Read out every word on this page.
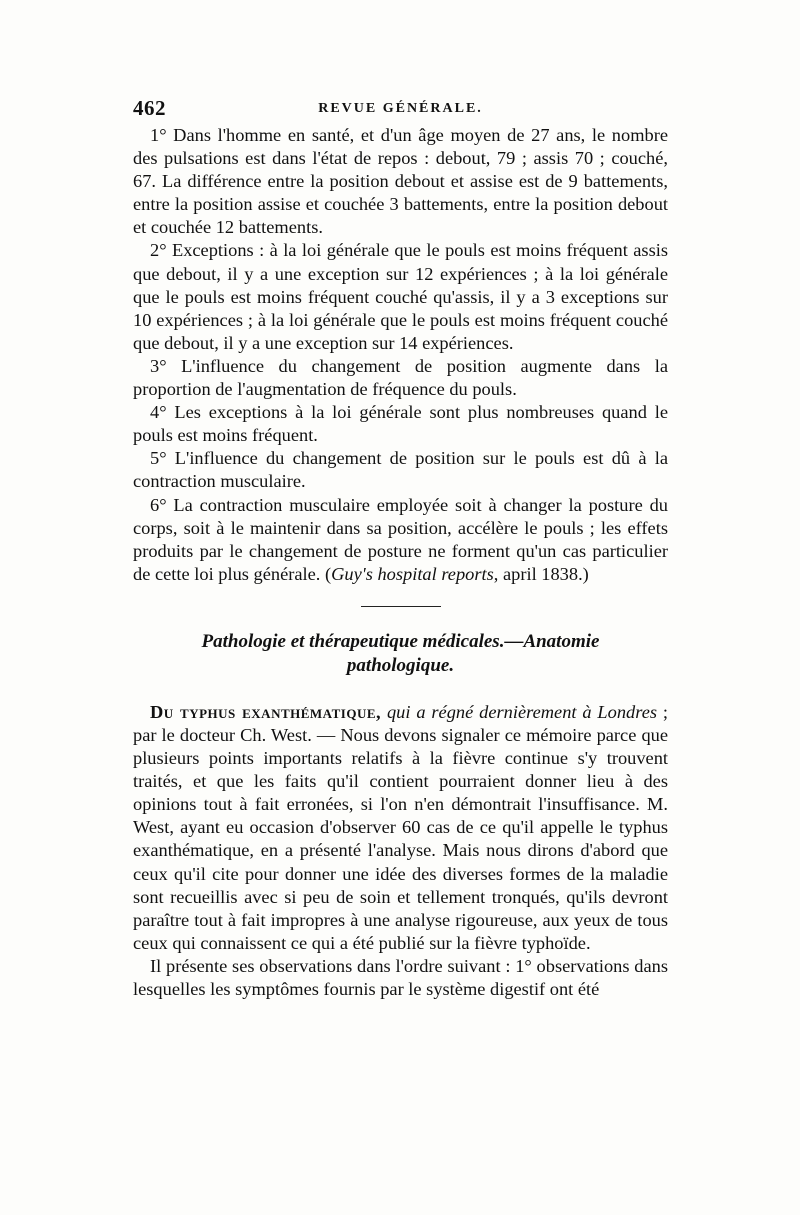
462	REVUE GÉNÉRALE.

1° Dans l'homme en santé, et d'un âge moyen de 27 ans, le nombre des pulsations est dans l'état de repos : debout, 79 ; assis 70 ; couché, 67. La différence entre la position debout et assise est de 9 battements, entre la position assise et couchée 3 battements, entre la position debout et couchée 12 battements.

2° Exceptions : à la loi générale que le pouls est moins fréquent assis que debout, il y a une exception sur 12 expériences ; à la loi générale que le pouls est moins fréquent couché qu'assis, il y a 3 exceptions sur 10 expériences ; à la loi générale que le pouls est moins fréquent couché que debout, il y a une exception sur 14 expériences.

3° L'influence du changement de position augmente dans la proportion de l'augmentation de fréquence du pouls.

4° Les exceptions à la loi générale sont plus nombreuses quand le pouls est moins fréquent.

5° L'influence du changement de position sur le pouls est dû à la contraction musculaire.

6° La contraction musculaire employée soit à changer la posture du corps, soit à le maintenir dans sa position, accélère le pouls ; les effets produits par le changement de posture ne forment qu'un cas particulier de cette loi plus générale. (Guy's hospital reports, april 1838.)

Pathologie et thérapeutique médicales.—Anatomie
pathologique.

Du typhus exanthématique, qui a régné dernièrement à Londres ; par le docteur Ch. West. — Nous devons signaler ce mémoire parce que plusieurs points importants relatifs à la fièvre continue s'y trouvent traités, et que les faits qu'il contient pourraient donner lieu à des opinions tout à fait erronées, si l'on n'en démontrait l'insuffisance. M. West, ayant eu occasion d'observer 60 cas de ce qu'il appelle le typhus exanthématique, en a présenté l'analyse. Mais nous dirons d'abord que ceux qu'il cite pour donner une idée des diverses formes de la maladie sont recueillis avec si peu de soin et tellement tronqués, qu'ils devront paraître tout à fait impropres à une analyse rigoureuse, aux yeux de tous ceux qui connaissent ce qui a été publié sur la fièvre typhoïde.

Il présente ses observations dans l'ordre suivant : 1° observations dans lesquelles les symptômes fournis par le système digestif ont été
